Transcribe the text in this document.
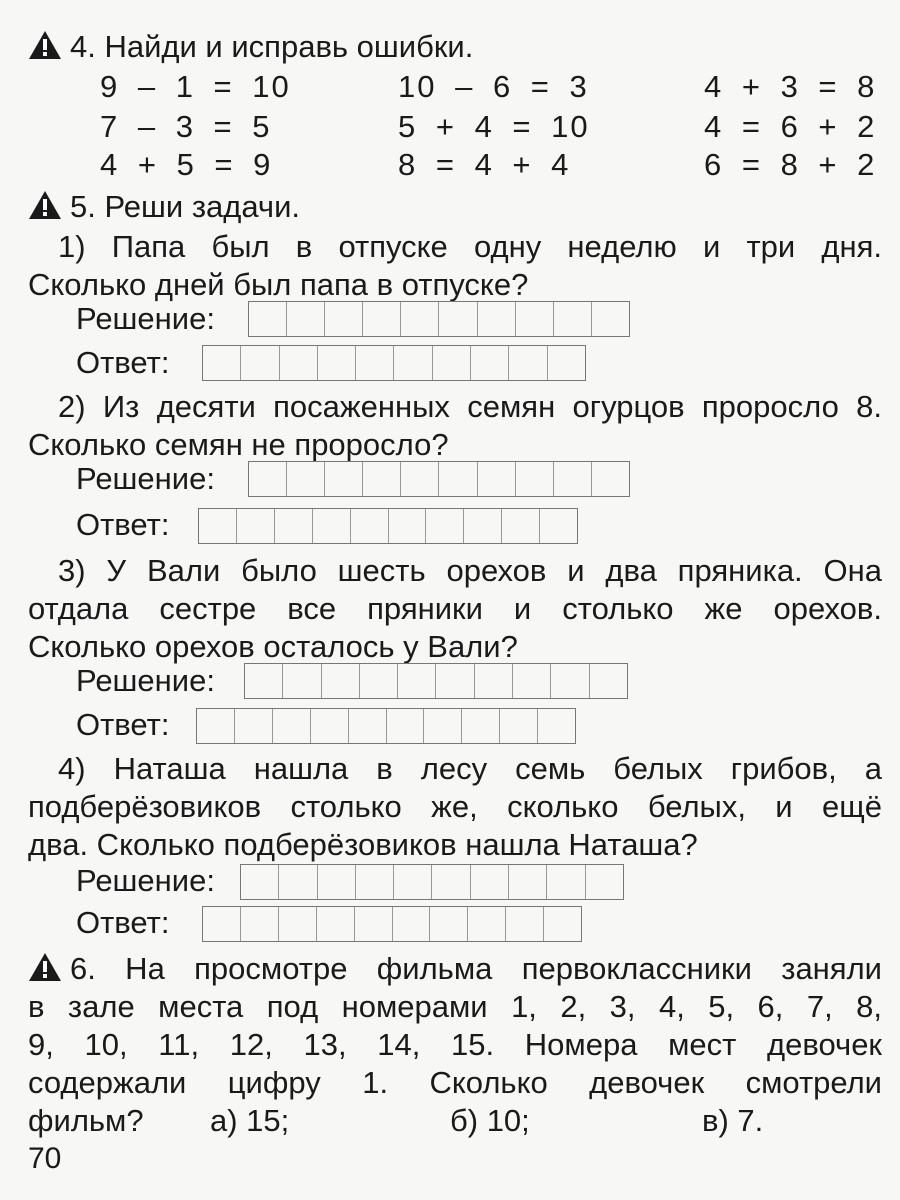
4. Найди и исправь ошибки.
9 – 1 = 10	10 – 6 = 3	4 + 3 = 8
7 – 3 = 5	5 + 4 = 10	4 = 6 + 2
4 + 5 = 9	8 = 4 + 4	6 = 8 + 2
5. Реши задачи.
1) Папа был в отпуске одну неделю и три дня.
Сколько дней был папа в отпуске?
Решение:
Ответ:
2) Из десяти посаженных семян огурцов проросло 8.
Сколько семян не проросло?
Решение:
Ответ:
3) У Вали было шесть орехов и два пряника. Она
отдала сестре все пряники и столько же орехов.
Сколько орехов осталось у Вали?
Решение:
Ответ:
4) Наташа нашла в лесу семь белых грибов, а
подберёзовиков столько же, сколько белых, и ещё
два. Сколько подберёзовиков нашла Наташа?
Решение:
Ответ:
6. На просмотре фильма первоклассники заняли
в зале места под номерами 1, 2, 3, 4, 5, 6, 7, 8,
9, 10, 11, 12, 13, 14, 15. Номера мест девочек
содержали цифру 1. Сколько девочек смотрели
фильм? а) 15;	б) 10;	в) 7.
70
